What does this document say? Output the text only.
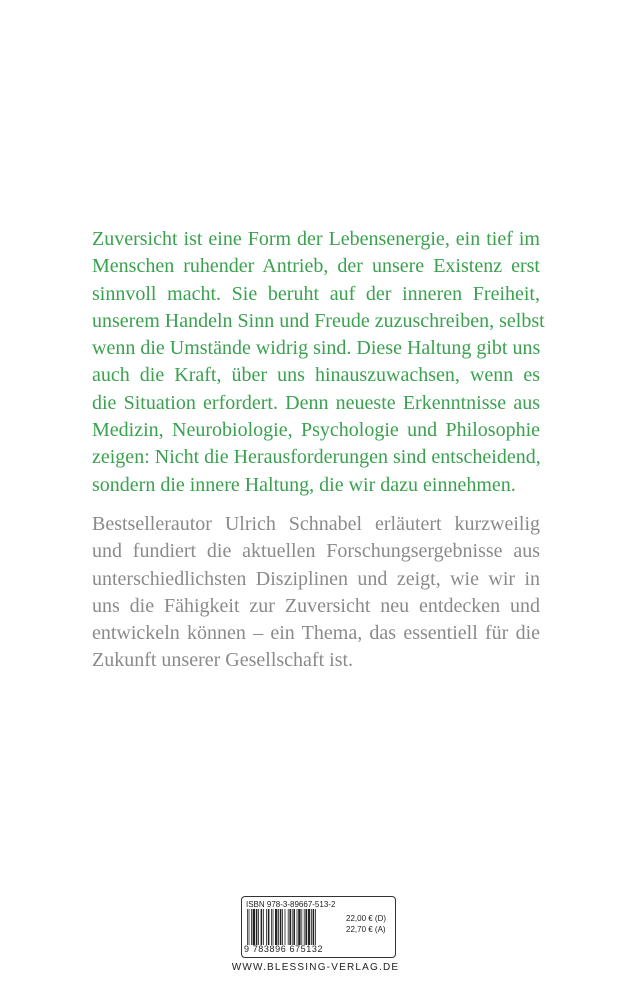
Zuversicht ist eine Form der Lebensenergie, ein tief im
Menschen ruhender Antrieb, der unsere Existenz erst
sinnvoll macht. Sie beruht auf der inneren Freiheit,
unserem Handeln Sinn und Freude zuzuschreiben, selbst
wenn die Umstände widrig sind. Diese Haltung gibt uns
auch die Kraft, über uns hinauszuwachsen, wenn es
die Situation erfordert. Denn neueste Erkenntnisse aus
Medizin, Neurobiologie, Psychologie und Philosophie
zeigen: Nicht die Herausforderungen sind entscheidend,
sondern die innere Haltung, die wir dazu einnehmen.
Bestsellerautor Ulrich Schnabel erläutert kurzweilig
und fundiert die aktuellen Forschungsergebnisse aus
unterschiedlichsten Disziplinen und zeigt, wie wir in
uns die Fähigkeit zur Zuversicht neu entdecken und
entwickeln können – ein Thema, das essentiell für die
Zukunft unserer Gesellschaft ist.
ISBN 978-3-89667-513-2
9 783896 675132
22,00 € (D)
22,70 € (A)
WWW.BLESSING-VERLAG.DE
